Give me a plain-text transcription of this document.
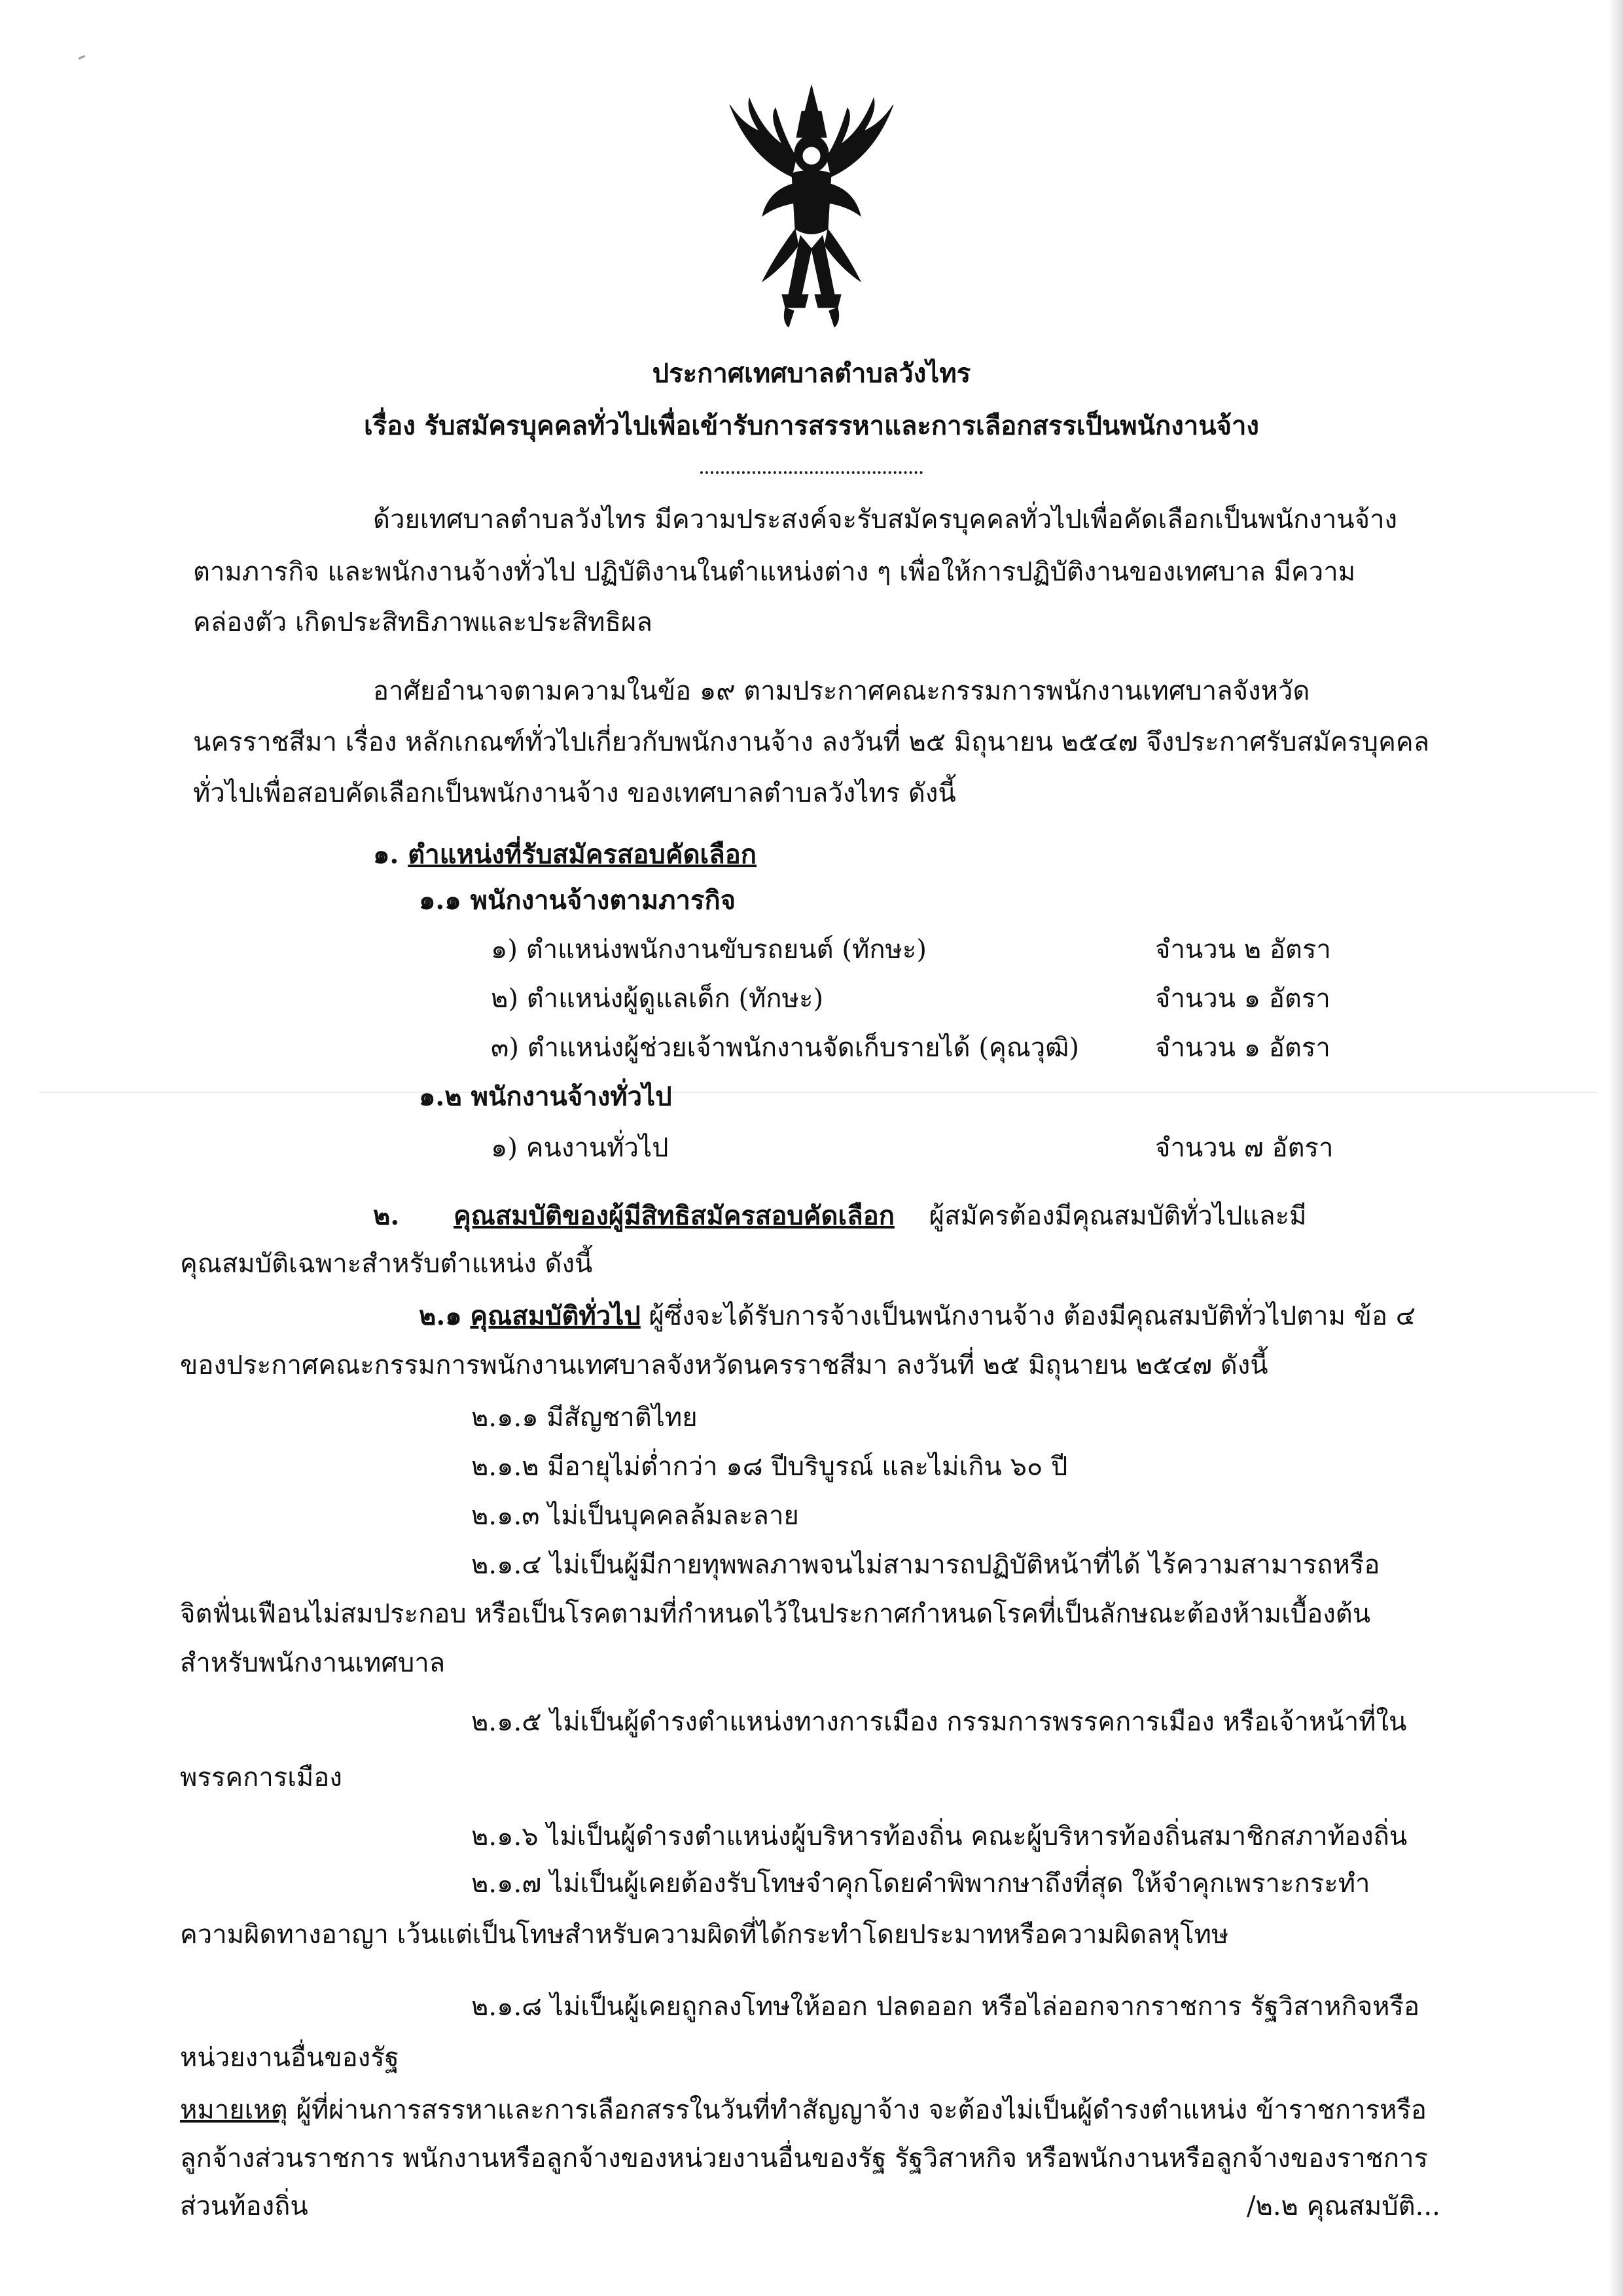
ประกาศเทศบาลตำบลวังไทร
เรื่อง รับสมัครบุคคลทั่วไปเพื่อเข้ารับการสรรหาและการเลือกสรรเป็นพนักงานจ้าง
ด้วยเทศบาลตำบลวังไทร มีความประสงค์จะรับสมัครบุคคลทั่วไปเพื่อคัดเลือกเป็นพนักงานจ้าง
ตามภารกิจ และพนักงานจ้างทั่วไป ปฏิบัติงานในตำแหน่งต่าง ๆ เพื่อให้การปฏิบัติงานของเทศบาล มีความ
คล่องตัว เกิดประสิทธิภาพและประสิทธิผล
อาศัยอำนาจตามความในข้อ ๑๙ ตามประกาศคณะกรรมการพนักงานเทศบาลจังหวัด
นครราชสีมา เรื่อง หลักเกณฑ์ทั่วไปเกี่ยวกับพนักงานจ้าง ลงวันที่ ๒๕ มิถุนายน ๒๕๔๗ จึงประกาศรับสมัครบุคคล
ทั่วไปเพื่อสอบคัดเลือกเป็นพนักงานจ้าง ของเทศบาลตำบลวังไทร ดังนี้
๑. ตำแหน่งที่รับสมัครสอบคัดเลือก
๑.๑ พนักงานจ้างตามภารกิจ
๑) ตำแหน่งพนักงานขับรถยนต์ (ทักษะ)	จำนวน ๒ อัตรา
๒) ตำแหน่งผู้ดูแลเด็ก (ทักษะ)	จำนวน ๑ อัตรา
๓) ตำแหน่งผู้ช่วยเจ้าพนักงานจัดเก็บรายได้ (คุณวุฒิ)	จำนวน ๑ อัตรา
๑.๒ พนักงานจ้างทั่วไป
๑) คนงานทั่วไป	จำนวน ๗ อัตรา
๒. คุณสมบัติของผู้มีสิทธิสมัครสอบคัดเลือก ผู้สมัครต้องมีคุณสมบัติทั่วไปและมี
คุณสมบัติเฉพาะสำหรับตำแหน่ง ดังนี้
๒.๑ คุณสมบัติทั่วไป ผู้ซึ่งจะได้รับการจ้างเป็นพนักงานจ้าง ต้องมีคุณสมบัติทั่วไปตาม ข้อ ๔
ของประกาศคณะกรรมการพนักงานเทศบาลจังหวัดนครราชสีมา ลงวันที่ ๒๕ มิถุนายน ๒๕๔๗ ดังนี้
๒.๑.๑ มีสัญชาติไทย
๒.๑.๒ มีอายุไม่ต่ำกว่า ๑๘ ปีบริบูรณ์ และไม่เกิน ๖๐ ปี
๒.๑.๓ ไม่เป็นบุคคลล้มละลาย
๒.๑.๔ ไม่เป็นผู้มีกายทุพพลภาพจนไม่สามารถปฏิบัติหน้าที่ได้ ไร้ความสามารถหรือ
จิตฟั่นเฟือนไม่สมประกอบ หรือเป็นโรคตามที่กำหนดไว้ในประกาศกำหนดโรคที่เป็นลักษณะต้องห้ามเบื้องต้น
สำหรับพนักงานเทศบาล
๒.๑.๕ ไม่เป็นผู้ดำรงตำแหน่งทางการเมือง กรรมการพรรคการเมือง หรือเจ้าหน้าที่ใน
พรรคการเมือง
๒.๑.๖ ไม่เป็นผู้ดำรงตำแหน่งผู้บริหารท้องถิ่น คณะผู้บริหารท้องถิ่นสมาชิกสภาท้องถิ่น
๒.๑.๗ ไม่เป็นผู้เคยต้องรับโทษจำคุกโดยคำพิพากษาถึงที่สุด ให้จำคุกเพราะกระทำ
ความผิดทางอาญา เว้นแต่เป็นโทษสำหรับความผิดที่ได้กระทำโดยประมาทหรือความผิดลหุโทษ
๒.๑.๘ ไม่เป็นผู้เคยถูกลงโทษให้ออก ปลดออก หรือไล่ออกจากราชการ รัฐวิสาหกิจหรือ
หน่วยงานอื่นของรัฐ
หมายเหตุ ผู้ที่ผ่านการสรรหาและการเลือกสรรในวันที่ทำสัญญาจ้าง จะต้องไม่เป็นผู้ดำรงตำแหน่ง ข้าราชการหรือ
ลูกจ้างส่วนราชการ พนักงานหรือลูกจ้างของหน่วยงานอื่นของรัฐ รัฐวิสาหกิจ หรือพนักงานหรือลูกจ้างของราชการ
ส่วนท้องถิ่น	/๒.๒ คุณสมบัติ...
